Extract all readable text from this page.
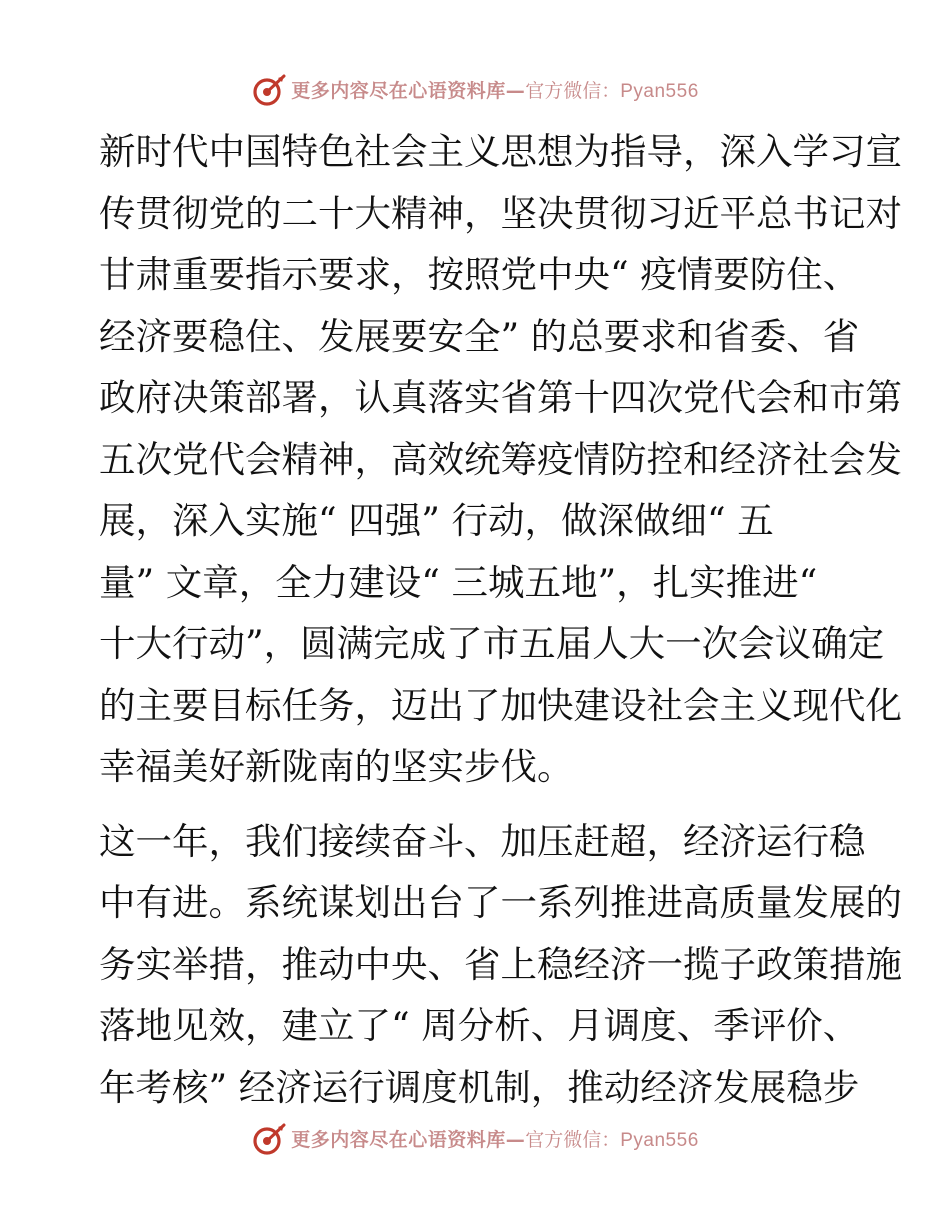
更多内容尽在心语资料库 — 官方微信： Pyan556

新时代中国特色社会主义思想为指导，深入学习宣

传贯彻党的二十大精神，坚决贯彻习近平总书记对

甘肃重要指示要求，按照党中央“ 疫情要防住、

经济要稳住、发展要安全” 的总要求和省委、省

政府决策部署，认真落实省第十四次党代会和市第

五次党代会精神，高效统筹疫情防控和经济社会发

展，深入实施“ 四强” 行动，做深做细“ 五

量” 文章，全力建设“ 三城五地”，扎实推进“

十大行动”，圆满完成了市五届人大一次会议确定

的主要目标任务，迈出了加快建设社会主义现代化

幸福美好新陇南的坚实步伐。

这一年，我们接续奋斗、加压赶超，经济运行稳

中有进。系统谋划出台了一系列推进高质量发展的

务实举措，推动中央、省上稳经济一揽子政策措施

落地见效，建立了“ 周分析、月调度、季评价、

年考核” 经济运行调度机制，推动经济发展稳步

更多内容尽在心语资料库 — 官方微信： Pyan556
